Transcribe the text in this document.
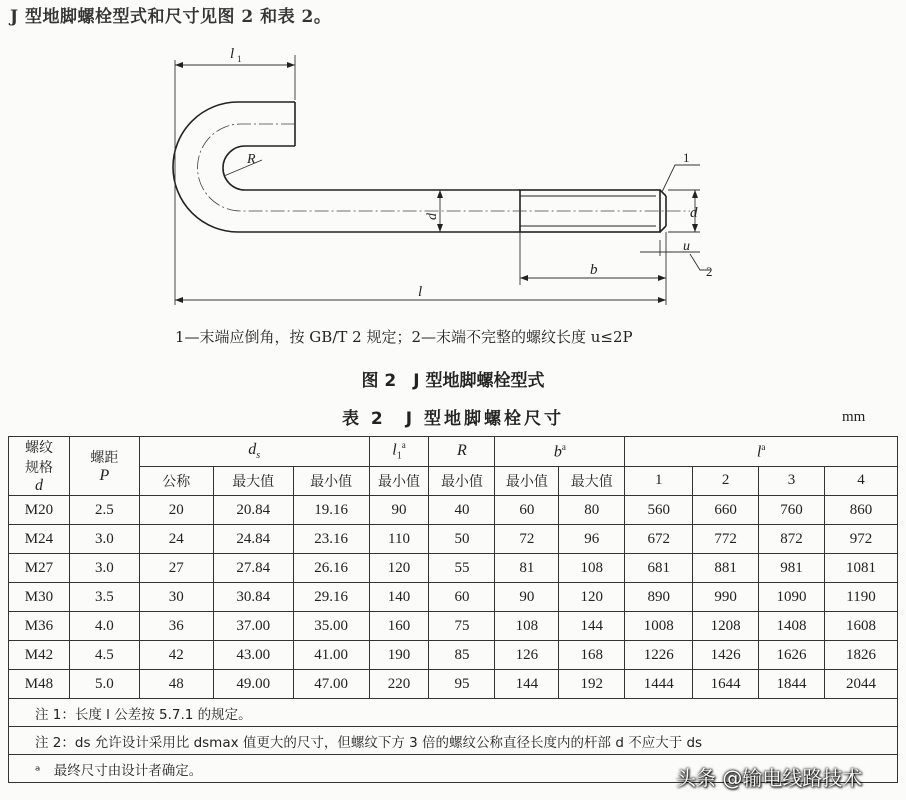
J 型地脚螺栓型式和尺寸见图 2 和表 2。
l 1
R
d	d
b
l
u
1
2
1—末端应倒角，按 GB/T 2 规定；2—末端不完整的螺纹长度 u≤2P
图 2　J 型地脚螺栓型式
表 2　J 型地脚螺栓尺寸	mm
螺纹
规格
d	螺距
P	$d_s$			$l_1^a$	R	$b^a$		$l^a$
		公称	最大值	最小值	最小值	最小值	最小值	最大值	1	2	3	4
M20	2.5	20	20.84	19.16	90	40	60	80	560	660	760	860
M24	3.0	24	24.84	23.16	110	50	72	96	672	772	872	972
M27	3.0	27	27.84	26.16	120	55	81	108	681	881	981	1081
M30	3.5	30	30.84	29.16	140	60	90	120	890	990	1090	1190
M36	4.0	36	37.00	35.00	160	75	108	144	1008	1208	1408	1608
M42	4.5	42	43.00	41.00	190	85	126	168	1226	1426	1626	1826
M48	5.0	48	49.00	47.00	220	95	144	192	1444	1644	1844	2044
注 1：长度 l 公差按 5.7.1 的规定。												
注 2：ds 允许设计采用比 dsmax 值更大的尺寸，但螺纹下方 3 倍的螺纹公称直径长度内的杆部 d 不应大于 ds												
ᵃ　最终尺寸由设计者确定。													头条 @输电线路技术
